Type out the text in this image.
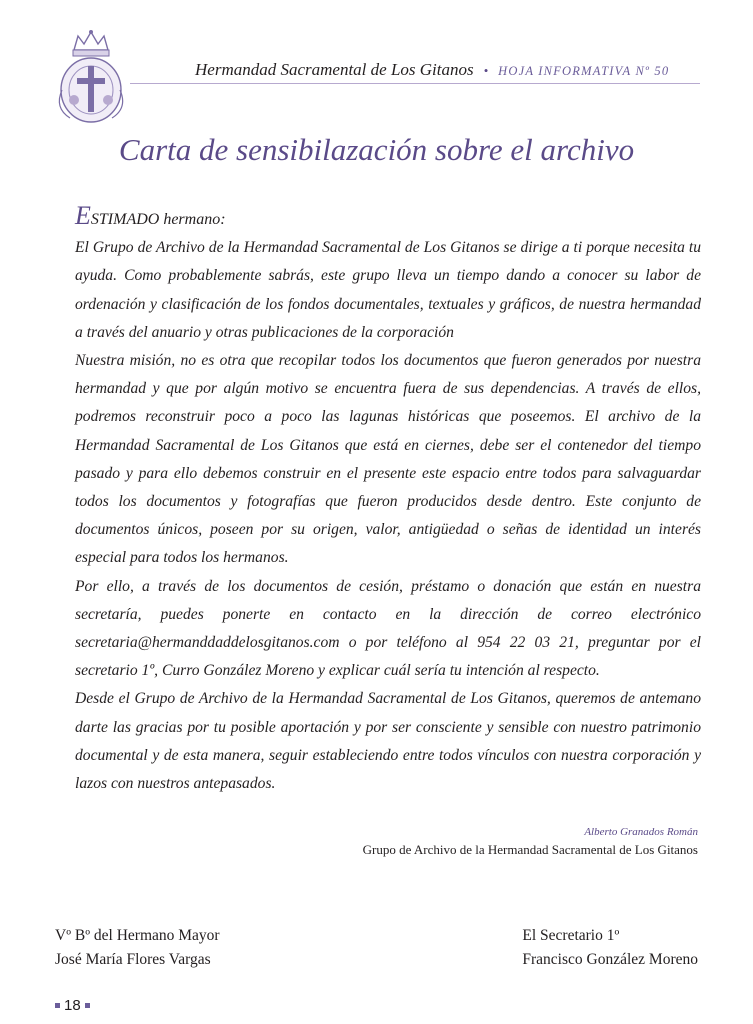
Hermandad Sacramental de Los Gitanos • HOJA INFORMATIVA Nº 50
Carta de sensibilazación sobre el archivo

ESTIMADO hermano:

El Grupo de Archivo de la Hermandad Sacramental de Los Gitanos se dirige a ti porque necesita tu ayuda. Como probablemente sabrás, este grupo lleva un tiempo dando a conocer su labor de ordenación y clasificación de los fondos documentales, textuales y gráficos, de nuestra hermandad a través del anuario y otras publicaciones de la corporación

Nuestra misión, no es otra que recopilar todos los documentos que fueron generados por nuestra hermandad y que por algún motivo se encuentra fuera de sus dependencias. A través de ellos, podremos reconstruir poco a poco las lagunas históricas que poseemos. El archivo de la Hermandad Sacramental de Los Gitanos que está en ciernes, debe ser el contenedor del tiempo pasado y para ello debemos construir en el presente este espacio entre todos para salvaguardar todos los documentos y fotografías que fueron producidos desde dentro. Este conjunto de documentos únicos, poseen por su origen, valor, antigüedad o señas de identidad un interés especial para todos los hermanos.

Por ello, a través de los documentos de cesión, préstamo o donación que están en nuestra secretaría, puedes ponerte en contacto en la dirección de correo electrónico secretaria@hermanddaddelosgitanos.com o por teléfono al 954 22 03 21, preguntar por el secretario 1º, Curro González Moreno y explicar cuál sería tu intención al respecto.

Desde el Grupo de Archivo de la Hermandad Sacramental de Los Gitanos, queremos de antemano darte las gracias por tu posible aportación y por ser consciente y sensible con nuestro patrimonio documental y de esta manera, seguir estableciendo entre todos vínculos con nuestra corporación y lazos con nuestros antepasados.

Alberto Granados Román
Grupo de Archivo de la Hermandad Sacramental de Los Gitanos
Vº Bº del Hermano Mayor
José María Flores Vargas
El Secretario 1º
Francisco González Moreno
18
